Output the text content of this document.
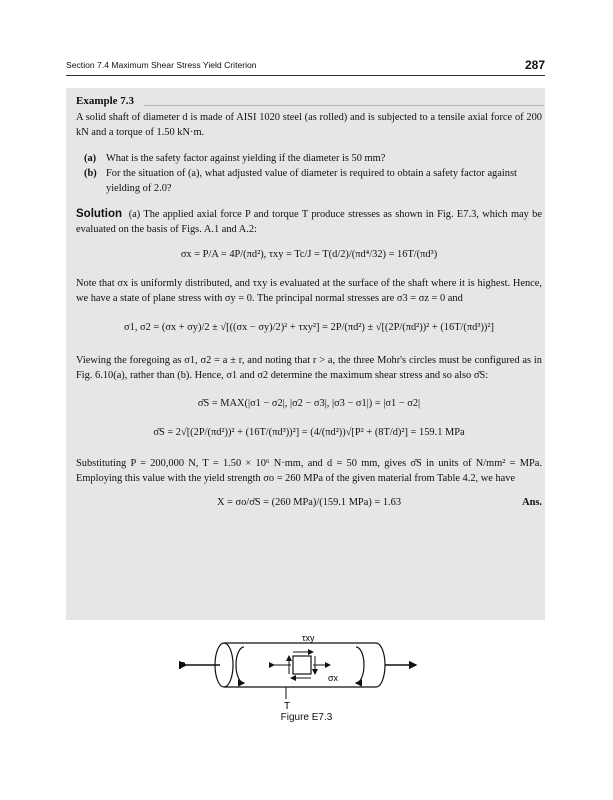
Section 7.4 Maximum Shear Stress Yield Criterion	287
Example 7.3

A solid shaft of diameter d is made of AISI 1020 steel (as rolled) and is subjected to a tensile axial force of 200 kN and a torque of 1.50 kN·m.

(a) What is the safety factor against yielding if the diameter is 50 mm?
(b) For the situation of (a), what adjusted value of diameter is required to obtain a safety factor against yielding of 2.0?

Solution (a) The applied axial force P and torque T produce stresses as shown in Fig. E7.3, which may be evaluated on the basis of Figs. A.1 and A.2:

σx = P/A = 4P/(πd²), τxy = Tc/J = T(d/2)/(πd⁴/32) = 16T/(πd³)

Note that σx is uniformly distributed, and τxy is evaluated at the surface of the shaft where it is highest. Hence, we have a state of plane stress with σy = 0. The principal normal stresses are σ3 = σz = 0 and

σ1, σ2 = (σx + σy)/2 ± √[((σx − σy)/2)² + τxy²] = 2P/(πd²) ± √[(2P/(πd²))² + (16T/(πd³))²]

Viewing the foregoing as σ1, σ2 = a ± r, and noting that r > a, the three Mohr's circles must be configured as in Fig. 6.10(a), rather than (b). Hence, σ1 and σ2 determine the maximum shear stress and so also σ̄S:

σ̄S = MAX(|σ1 − σ2|, |σ2 − σ3|, |σ3 − σ1|) = |σ1 − σ2|
σ̄S = 2√[(2P/(πd²))² + (16T/(πd³))²] = (4/(πd²))√[P² + (8T/d)²] = 159.1 MPa

Substituting P = 200,000 N, T = 1.50 × 10⁶ N·mm, and d = 50 mm, gives σ̄S in units of N/mm² = MPa. Employing this value with the yield strength σo = 260 MPa of the given material from Table 4.2, we have

X = σo/σ̄S = (260 MPa)/(159.1 MPa) = 1.63	Ans.
P
T
τxy
σx
Figure E7.3
